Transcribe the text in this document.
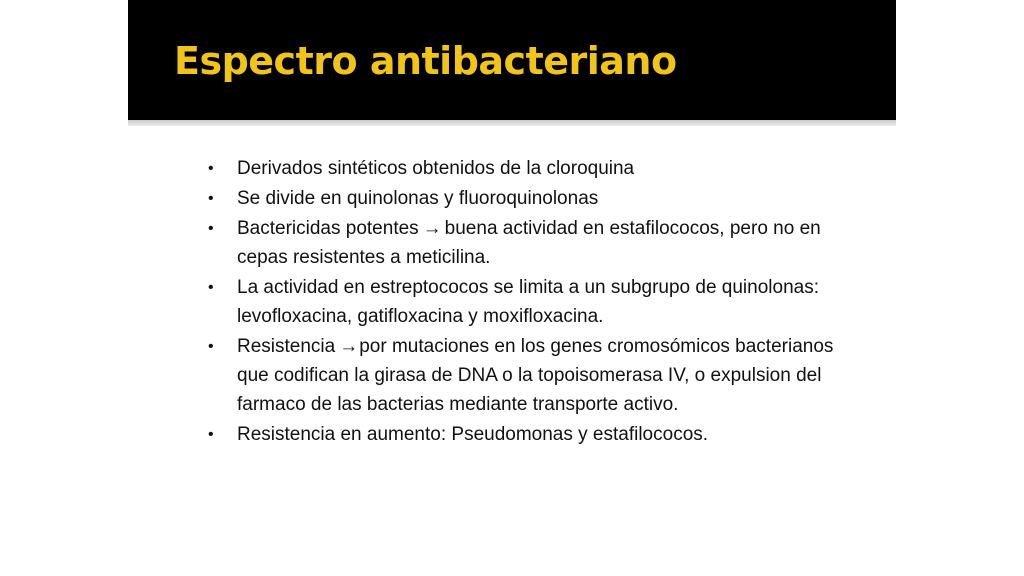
Espectro antibacteriano
• Derivados sintéticos obtenidos de la cloroquina
• Se divide en quinolonas y fluoroquinolonas
• Bactericidas potentes → buena actividad en estafilococos, pero no en cepas resistentes a meticilina.
• La actividad en estreptococos se limita a un subgrupo de quinolonas: levofloxacina, gatifloxacina y moxifloxacina.
• Resistencia →por mutaciones en los genes cromosómicos bacterianos que codifican la girasa de DNA o la topoisomerasa IV, o expulsion del farmaco de las bacterias mediante transporte activo.
• Resistencia en aumento: Pseudomonas y estafilococos.
